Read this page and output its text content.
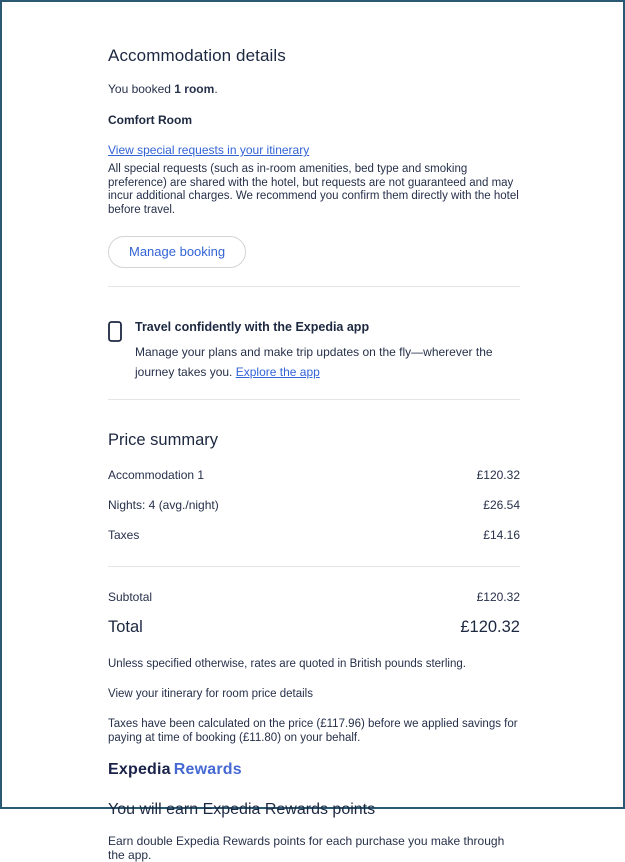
Accommodation details

You booked 1 room.

Comfort Room

View special requests in your itinerary

All special requests (such as in-room amenities, bed type and smoking preference) are shared with the hotel, but requests are not guaranteed and may incur additional charges. We recommend you confirm them directly with the hotel before travel.

Manage booking
Travel confidently with the Expedia app
Manage your plans and make trip updates on the fly—wherever the journey takes you. Explore the app
Price summary
Accommodation 1	£120.32
Nights: 4 (avg./night)	£26.54
Taxes	£14.16
Subtotal	£120.32
Total	£120.32

Unless specified otherwise, rates are quoted in British pounds sterling.

View your itinerary for room price details

Taxes have been calculated on the price (£117.96) before we applied savings for paying at time of booking (£11.80) on your behalf.

Expedia Rewards
You will earn Expedia Rewards points

Earn double Expedia Rewards points for each purchase you make through the app.
